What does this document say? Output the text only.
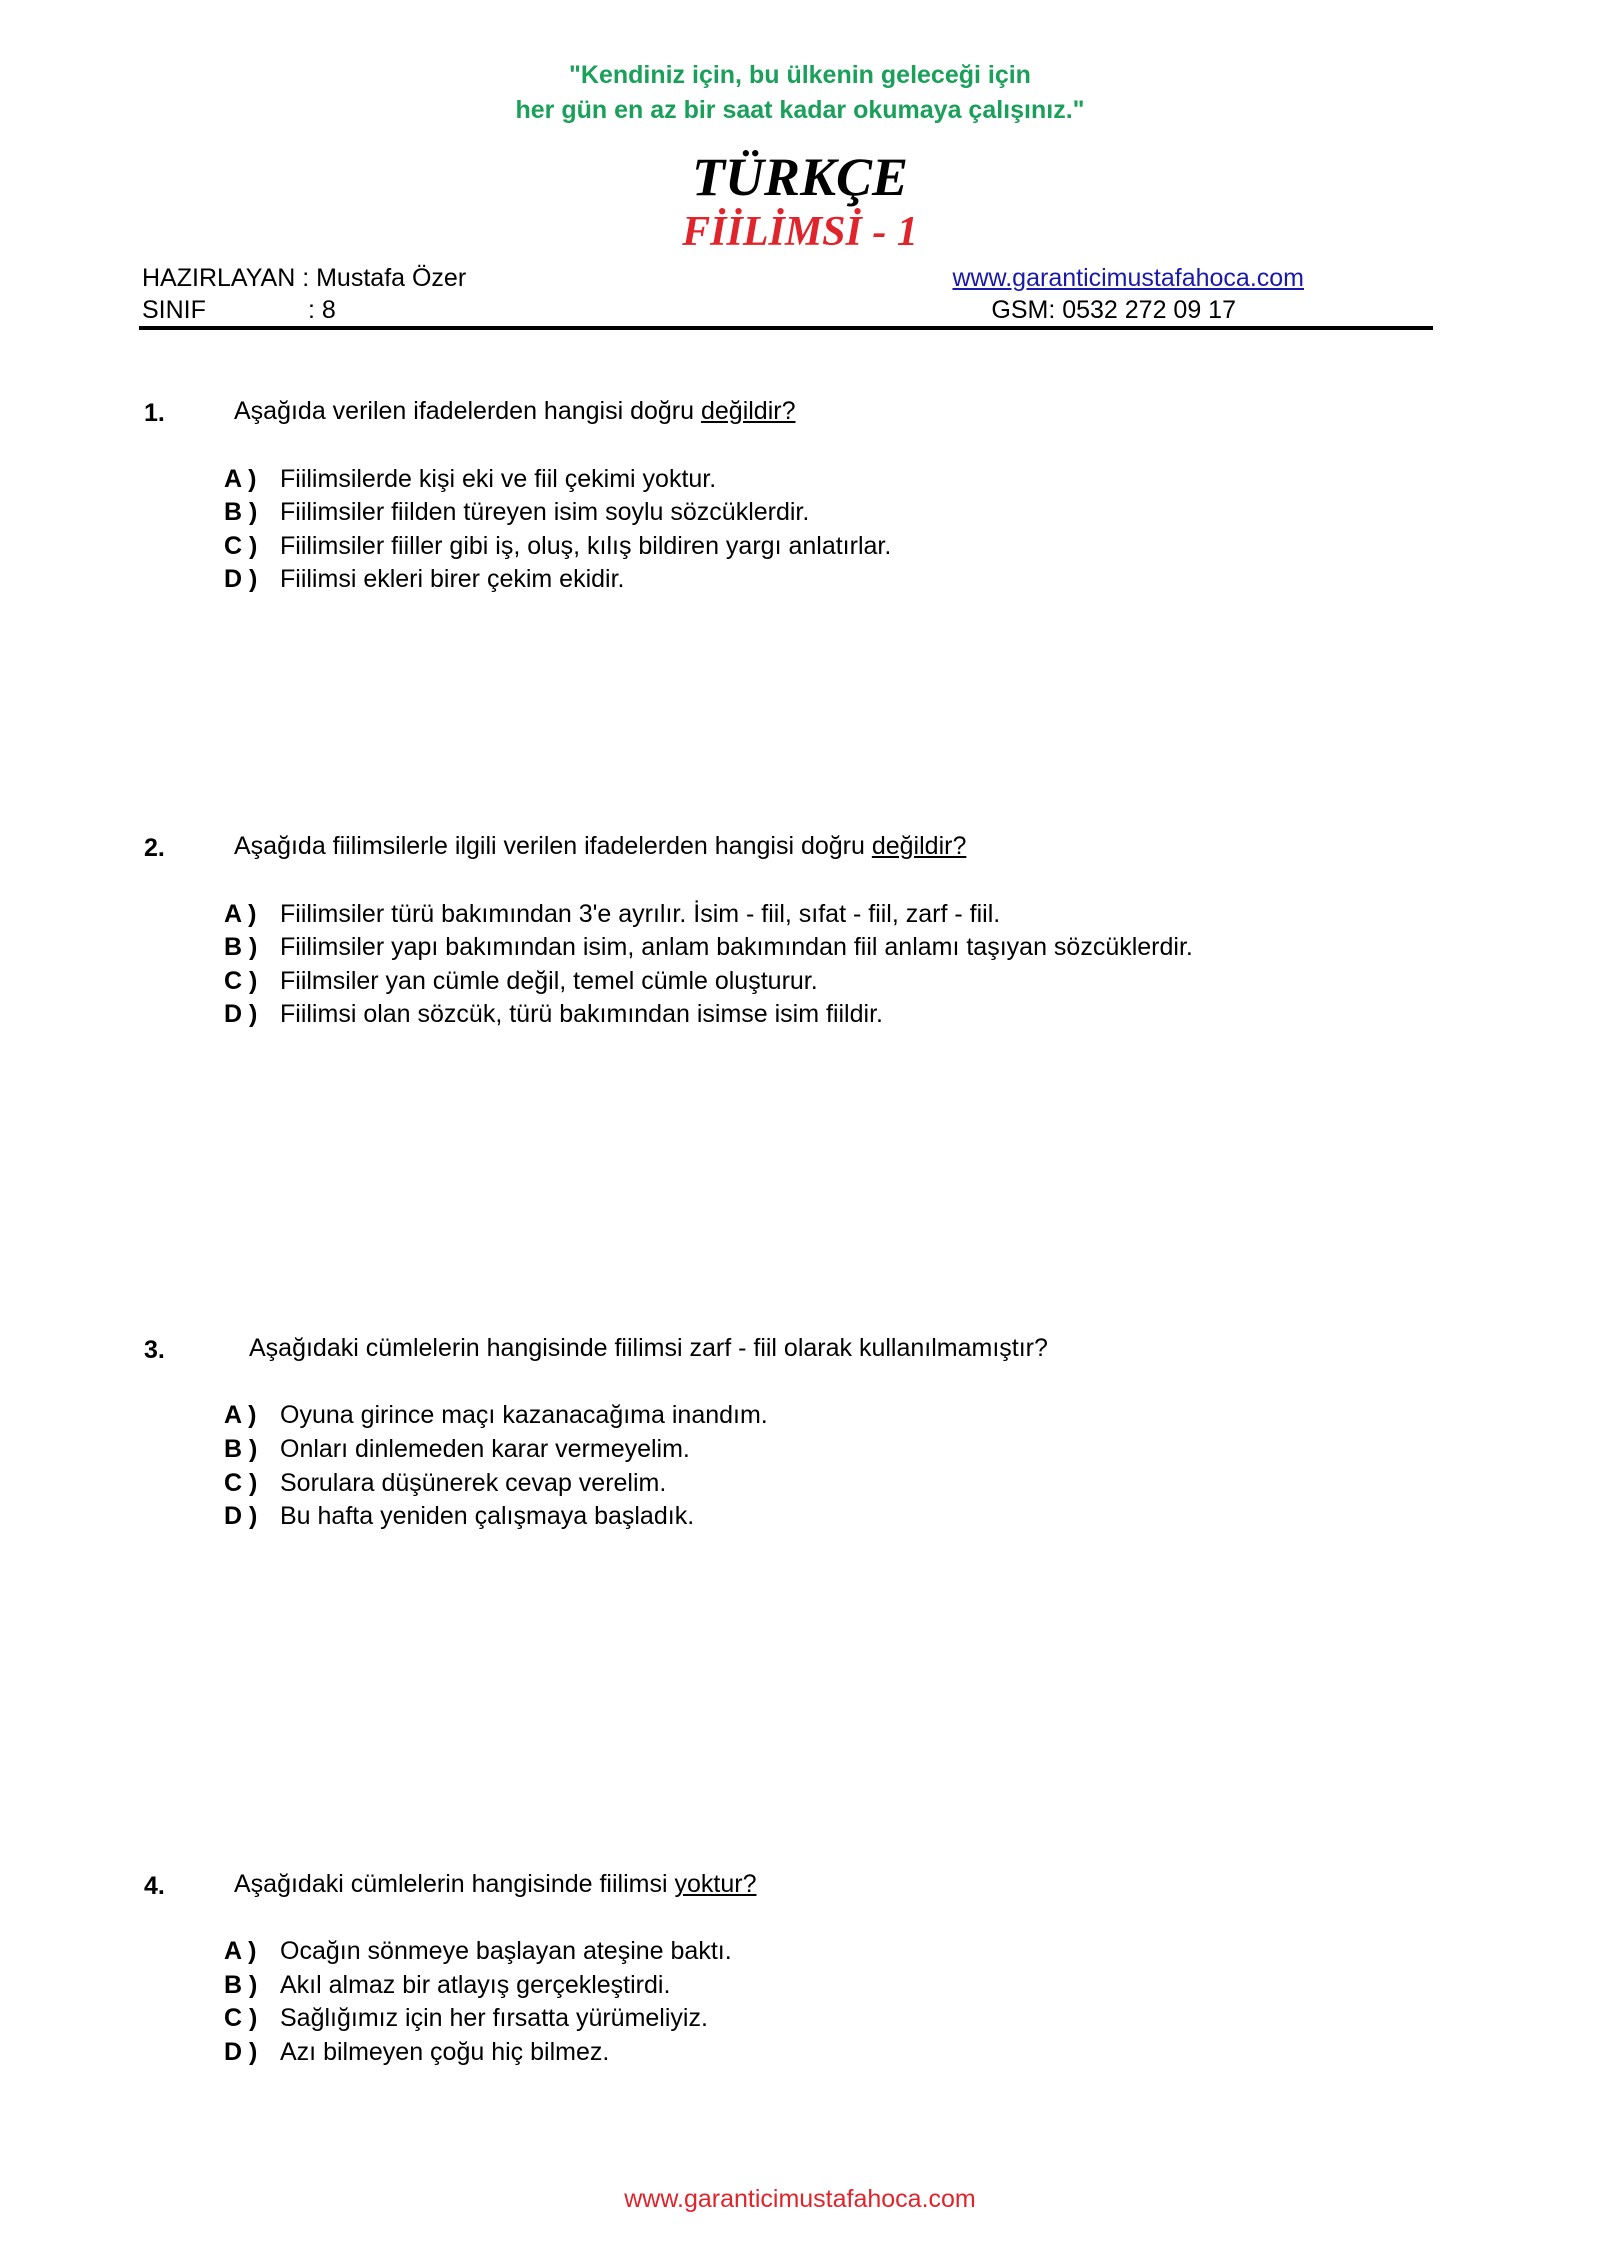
"Kendiniz için, bu ülkenin geleceği için
her gün en az bir saat kadar okumaya çalışınız."
TÜRKÇE
FİİLİMSİ - 1
HAZIRLAYAN : Mustafa Özer
SINIF	: 8
www.garanticimustafahoca.com
GSM: 0532 272 09 17
1.	Aşağıda verilen ifadelerden hangisi doğru değildir?
A ) Fiilimsilerde kişi eki ve fiil çekimi yoktur.
B ) Fiilimsiler fiilden türeyen isim soylu sözcüklerdir.
C ) Fiilimsiler fiiller gibi iş, oluş, kılış bildiren yargı anlatırlar.
D ) Fiilimsi ekleri birer çekim ekidir.
2.	Aşağıda fiilimsilerle ilgili verilen ifadelerden hangisi doğru değildir?
A ) Fiilimsiler türü bakımından 3'e ayrılır. İsim - fiil, sıfat - fiil, zarf - fiil.
B ) Fiilimsiler yapı bakımından isim, anlam bakımından fiil anlamı taşıyan sözcüklerdir.
C ) Fiilmsiler yan cümle değil, temel cümle oluşturur.
D ) Fiilimsi olan sözcük, türü bakımından isimse isim fiildir.
3.	Aşağıdaki cümlelerin hangisinde fiilimsi zarf - fiil olarak kullanılmamıştır?
A ) Oyuna girince maçı kazanacağıma inandım.
B ) Onları dinlemeden karar vermeyelim.
C ) Sorulara düşünerek cevap verelim.
D ) Bu hafta yeniden çalışmaya başladık.
4.	Aşağıdaki cümlelerin hangisinde fiilimsi yoktur?
A ) Ocağın sönmeye başlayan ateşine baktı.
B ) Akıl almaz bir atlayış gerçekleştirdi.
C ) Sağlığımız için her fırsatta yürümeliyiz.
D ) Azı bilmeyen çoğu hiç bilmez.
www.garanticimustafahoca.com
